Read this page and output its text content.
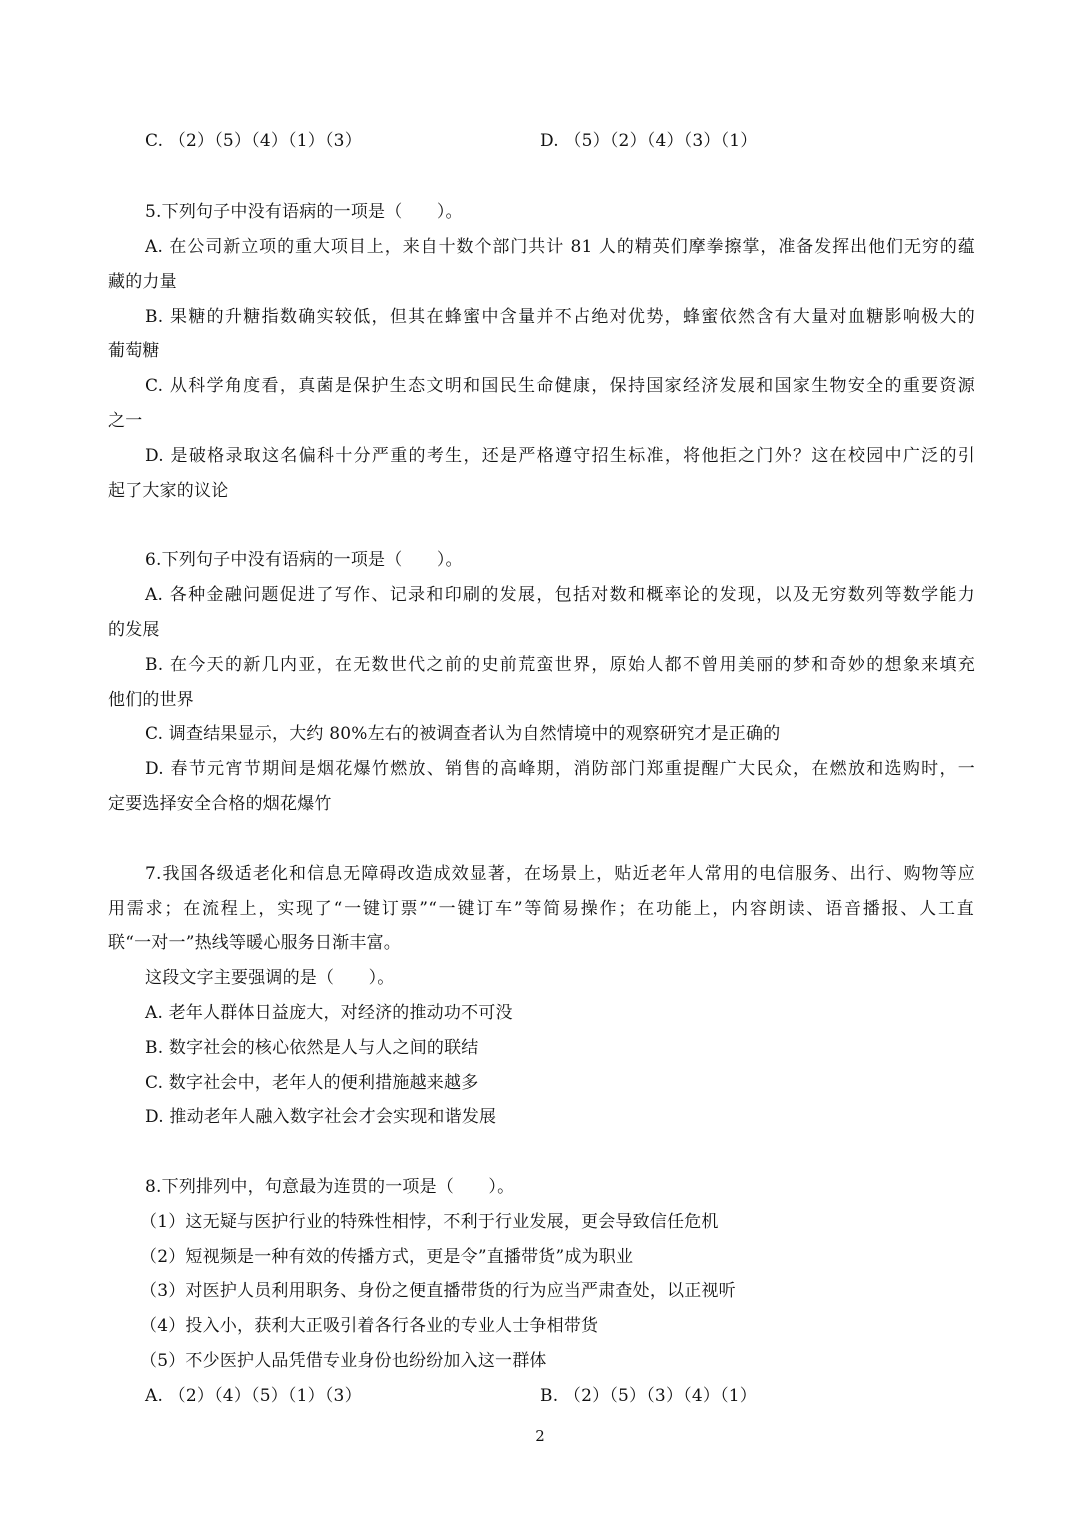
C. （2）（5）（4）（1）（3）	D. （5）（2）（4）（3）（1）
5.下列句子中没有语病的一项是（　　）。
A. 在公司新立项的重大项目上，来自十数个部门共计 81 人的精英们摩拳擦掌，准备发挥出他们无穷的蕴
藏的力量
B. 果糖的升糖指数确实较低，但其在蜂蜜中含量并不占绝对优势，蜂蜜依然含有大量对血糖影响极大的
葡萄糖
C. 从科学角度看，真菌是保护生态文明和国民生命健康，保持国家经济发展和国家生物安全的重要资源
之一
D. 是破格录取这名偏科十分严重的考生，还是严格遵守招生标准，将他拒之门外？这在校园中广泛的引
起了大家的议论
6.下列句子中没有语病的一项是（　　）。
A. 各种金融问题促进了写作、记录和印刷的发展，包括对数和概率论的发现，以及无穷数列等数学能力
的发展
B. 在今天的新几内亚，在无数世代之前的史前荒蛮世界，原始人都不曾用美丽的梦和奇妙的想象来填充
他们的世界
C. 调查结果显示，大约 80%左右的被调查者认为自然情境中的观察研究才是正确的
D. 春节元宵节期间是烟花爆竹燃放、销售的高峰期，消防部门郑重提醒广大民众，在燃放和选购时，一
定要选择安全合格的烟花爆竹
7.我国各级适老化和信息无障碍改造成效显著，在场景上，贴近老年人常用的电信服务、出行、购物等应
用需求；在流程上，实现了“一键订票”“一键订车”等简易操作；在功能上，内容朗读、语音播报、人工直
联“一对一”热线等暖心服务日渐丰富。
这段文字主要强调的是（　　）。
A. 老年人群体日益庞大，对经济的推动功不可没
B. 数字社会的核心依然是人与人之间的联结
C. 数字社会中，老年人的便利措施越来越多
D. 推动老年人融入数字社会才会实现和谐发展
8.下列排列中，句意最为连贯的一项是（　　）。
（1）这无疑与医护行业的特殊性相悖，不利于行业发展，更会导致信任危机
（2）短视频是一种有效的传播方式，更是令”直播带货”成为职业
（3）对医护人员利用职务、身份之便直播带货的行为应当严肃查处，以正视听
（4）投入小，获利大正吸引着各行各业的专业人士争相带货
（5）不少医护人品凭借专业身份也纷纷加入这一群体
A. （2）（4）（5）（1）（3）	B. （2）（5）（3）（4）（1）
2
